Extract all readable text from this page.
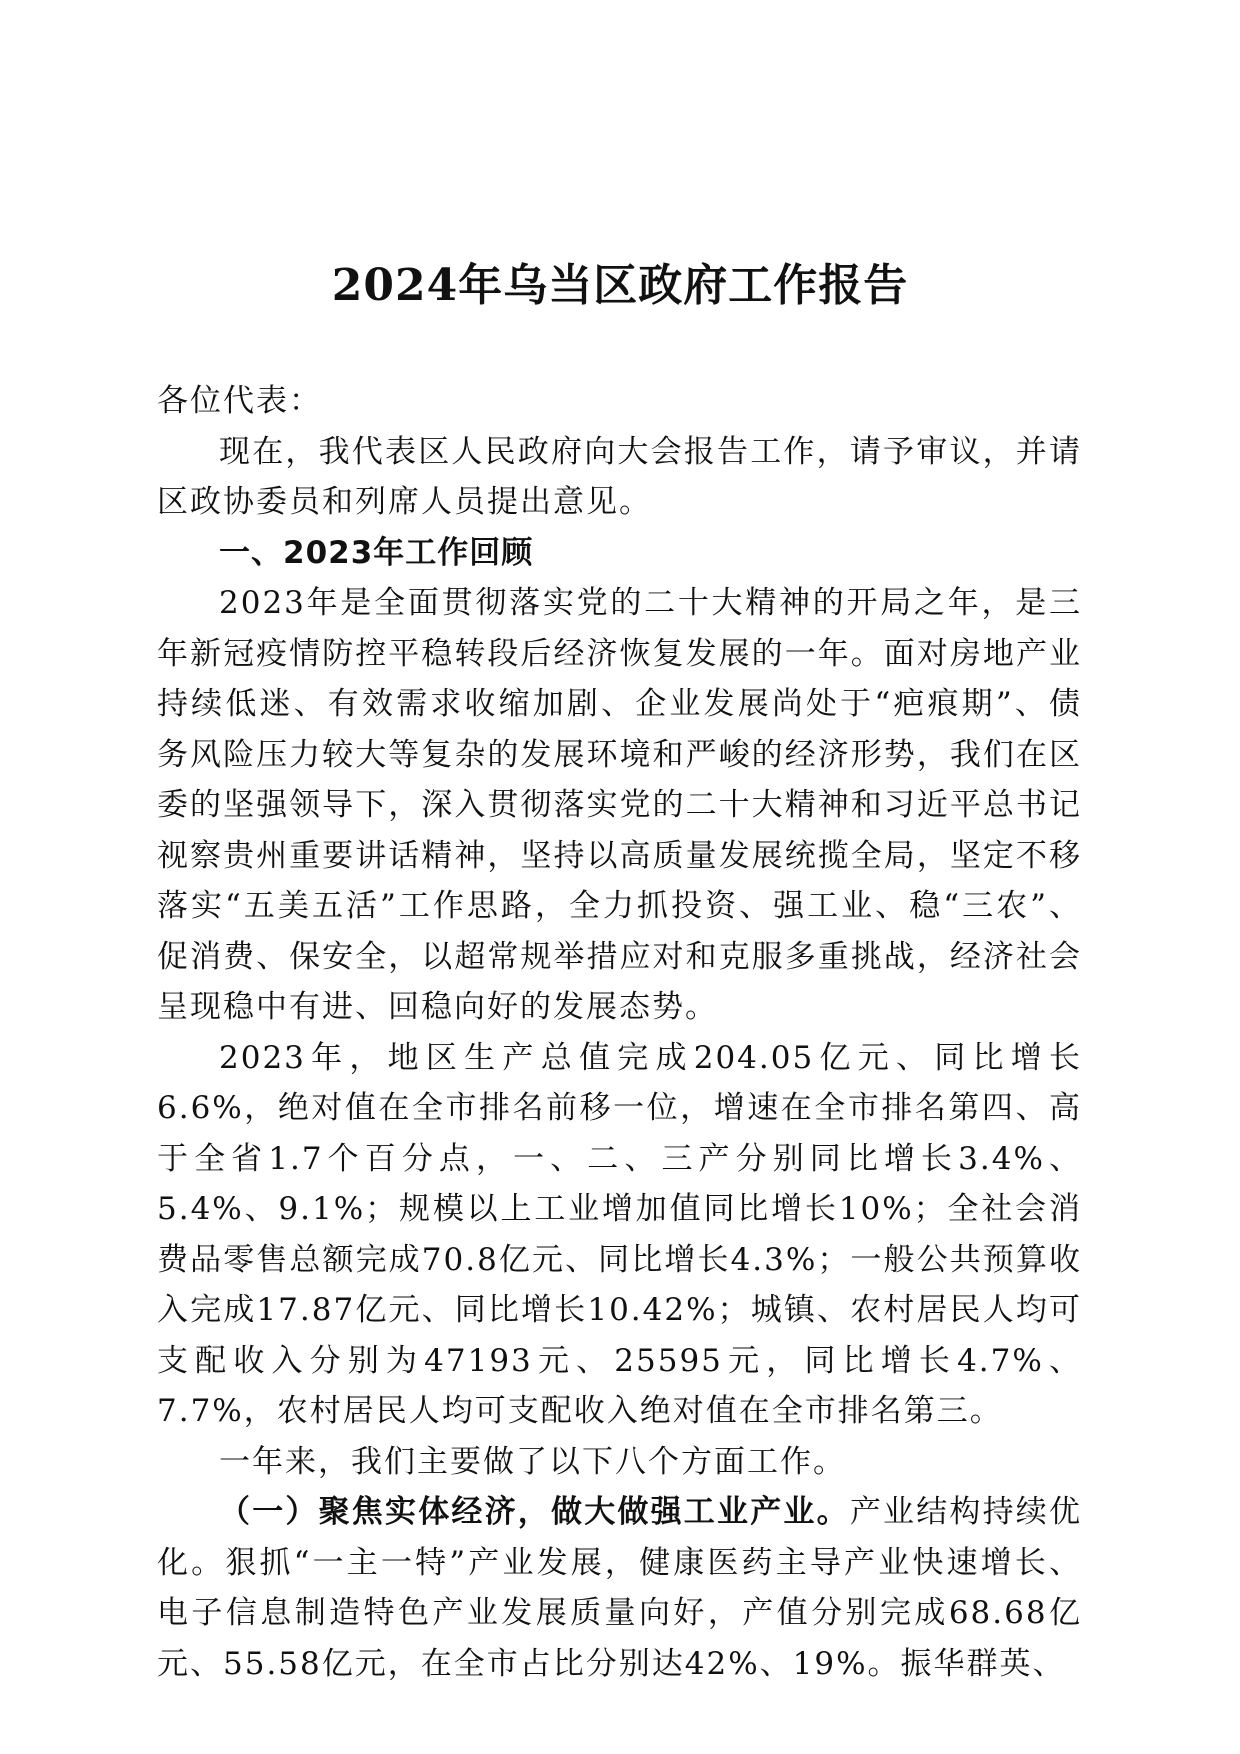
2024年乌当区政府工作报告

各位代表：

现在，我代表区人民政府向大会报告工作，请予审议，并请区政协委员和列席人员提出意见。

一、2023年工作回顾

2023年是全面贯彻落实党的二十大精神的开局之年，是三年新冠疫情防控平稳转段后经济恢复发展的一年。面对房地产业持续低迷、有效需求收缩加剧、企业发展尚处于“疤痕期”、债务风险压力较大等复杂的发展环境和严峻的经济形势，我们在区委的坚强领导下，深入贯彻落实党的二十大精神和习近平总书记视察贵州重要讲话精神，坚持以高质量发展统揽全局，坚定不移落实“五美五活”工作思路，全力抓投资、强工业、稳“三农”、促消费、保安全，以超常规举措应对和克服多重挑战，经济社会呈现稳中有进、回稳向好的发展态势。

2023年，地区生产总值完成204.05亿元、同比增长6.6%，绝对值在全市排名前移一位，增速在全市排名第四、高于全省1.7个百分点，一、二、三产分别同比增长3.4%、5.4%、9.1%；规模以上工业增加值同比增长10%；全社会消费品零售总额完成70.8亿元、同比增长4.3%；一般公共预算收入完成17.87亿元、同比增长10.42%；城镇、农村居民人均可支配收入分别为47193元、25595元，同比增长4.7%、7.7%，农村居民人均可支配收入绝对值在全市排名第三。

一年来，我们主要做了以下八个方面工作。

（一）聚焦实体经济，做大做强工业产业。产业结构持续优化。狠抓“一主一特”产业发展，健康医药主导产业快速增长、电子信息制造特色产业发展质量向好，产值分别完成68.68亿元、55.58亿元，在全市占比分别达42%、19%。振华群英、
